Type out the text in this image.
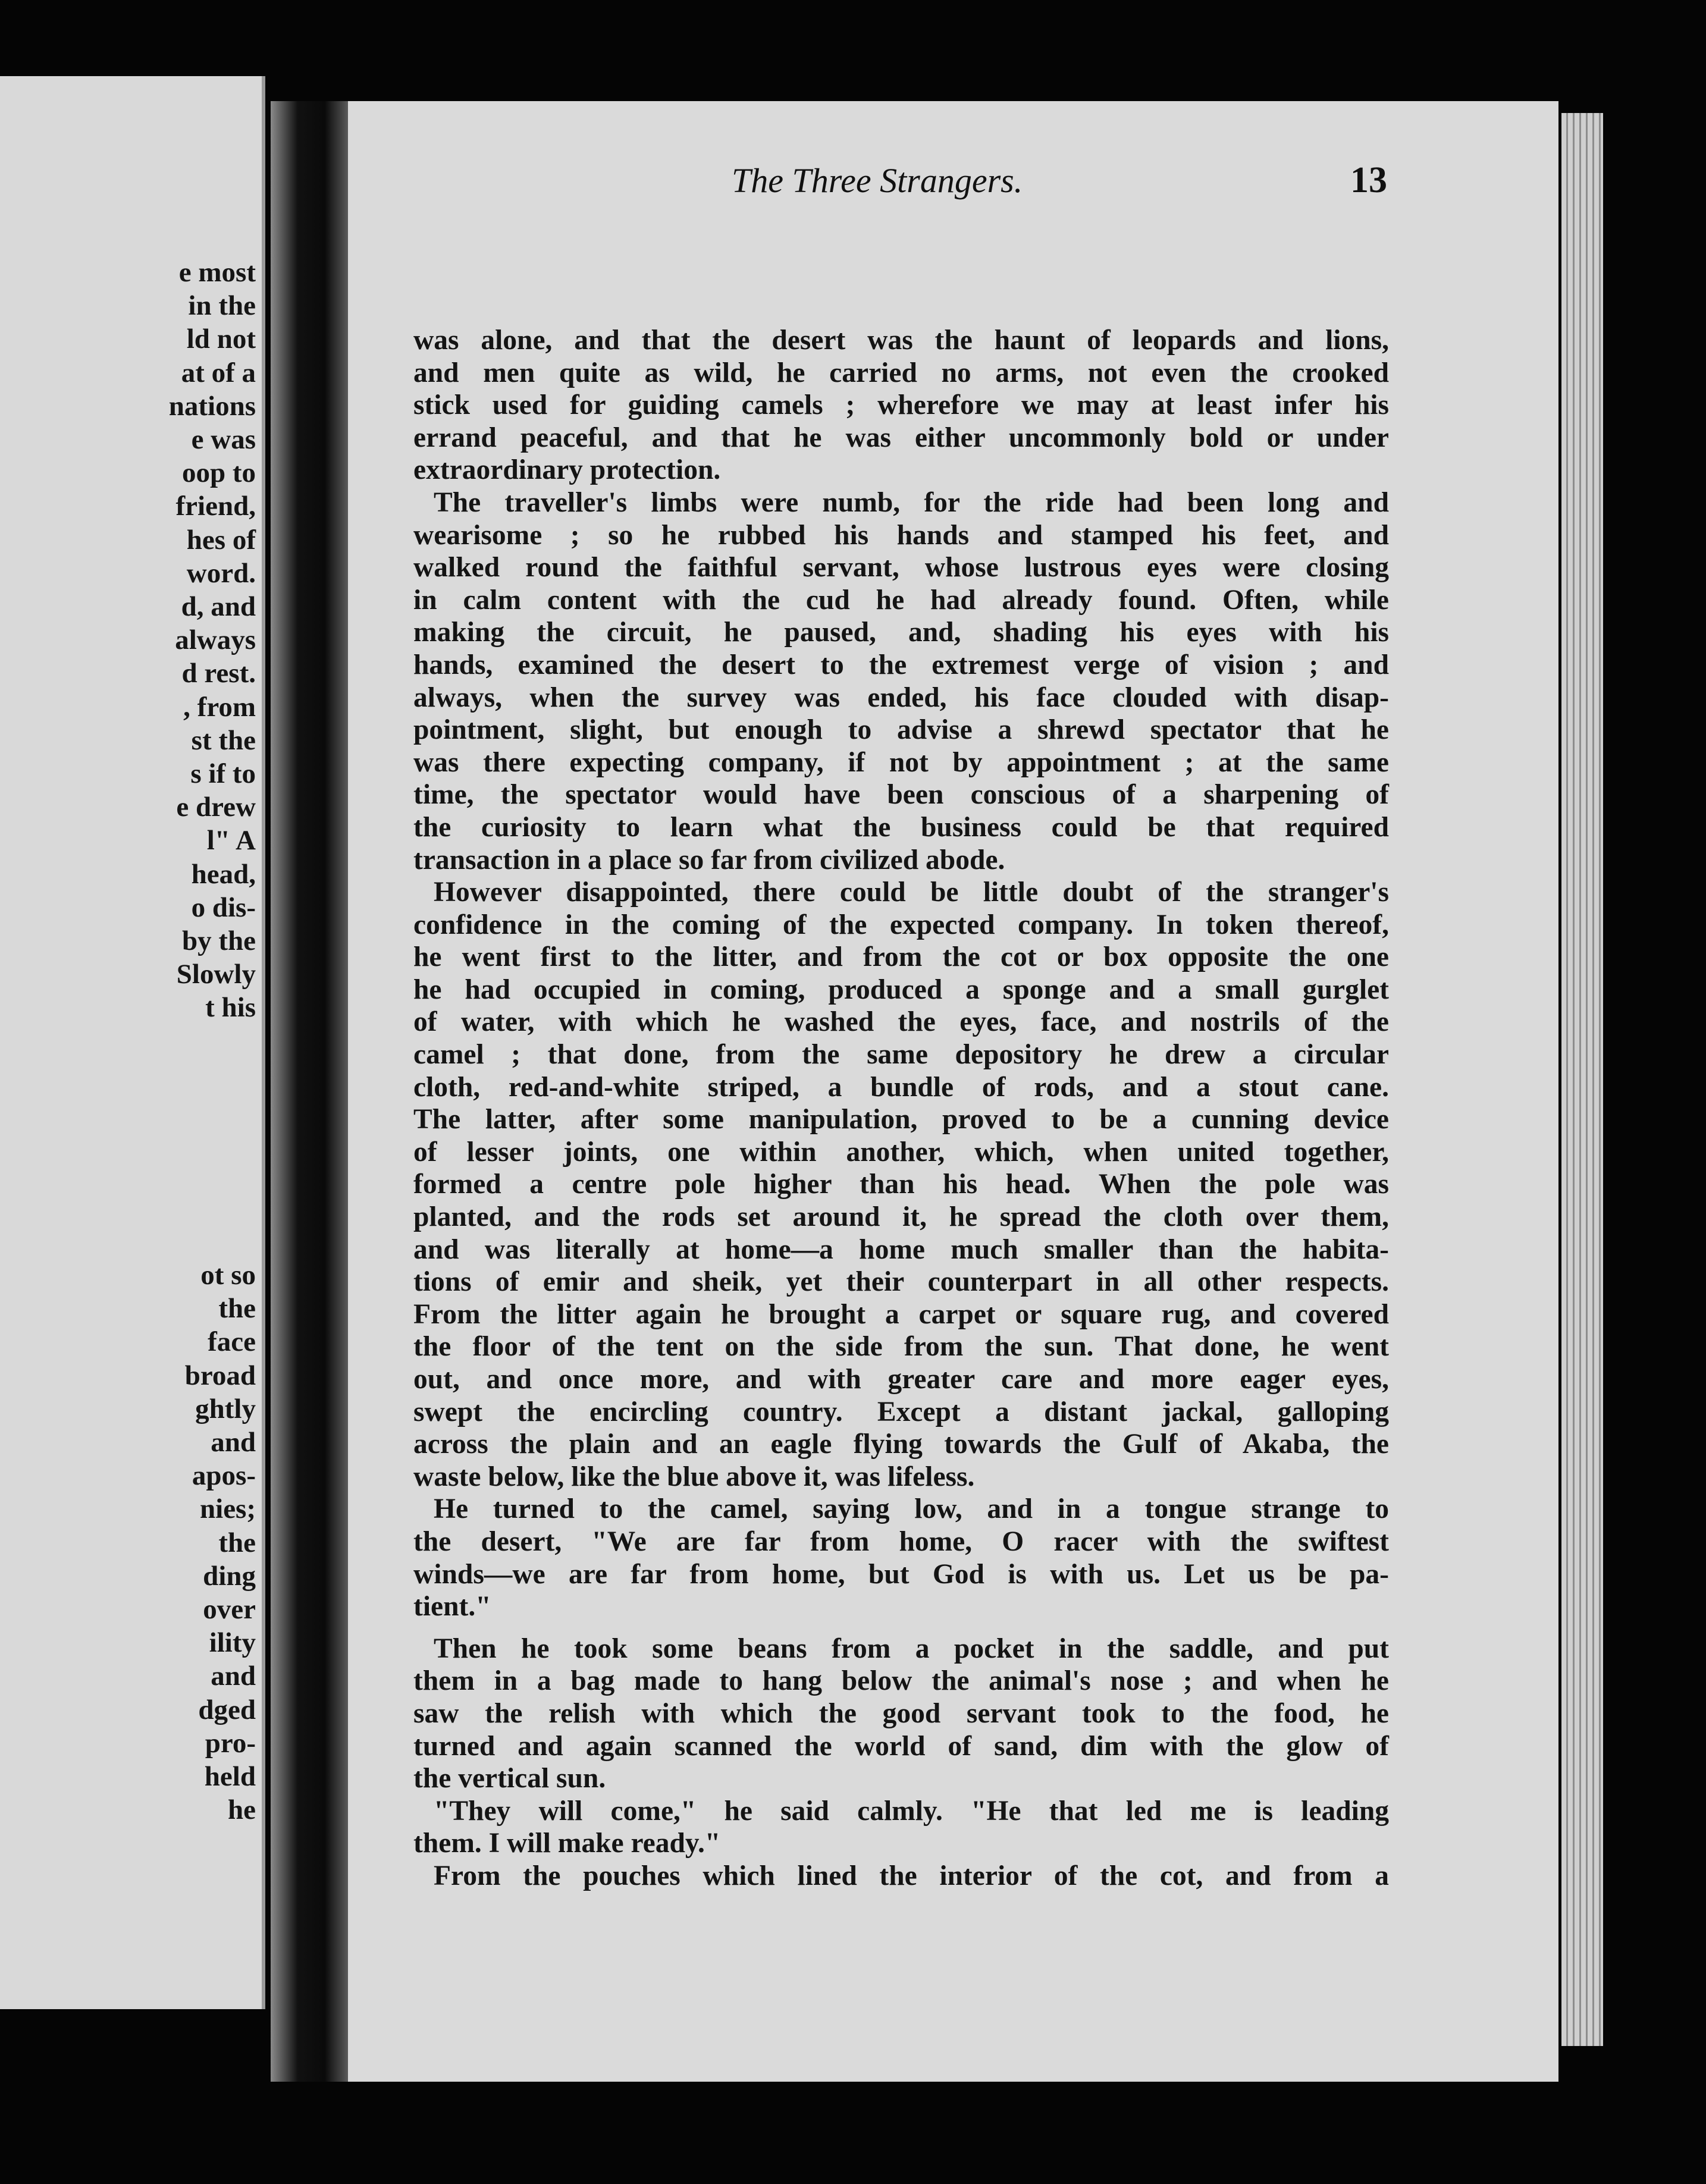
e most
in the
ld not
at of a
nations
e was
oop to
friend,
hes of
word.
d, and
always
d rest.
, from
st the
s if to
e drew
l" A
head,
o dis-
by the
Slowly
t his
ot so
the
face
broad
ghtly
and
apos-
nies;
the
ding
over
ility
and
dged
pro-
held
he
The Three Strangers.	13
was alone, and that the desert was the haunt of leopards and lions,
and men quite as wild, he carried no arms, not even the crooked
stick used for guiding camels ; wherefore we may at least infer his
errand peaceful, and that he was either uncommonly bold or under
extraordinary protection.
The traveller's limbs were numb, for the ride had been long and
wearisome ; so he rubbed his hands and stamped his feet, and
walked round the faithful servant, whose lustrous eyes were closing
in calm content with the cud he had already found. Often, while
making the circuit, he paused, and, shading his eyes with his
hands, examined the desert to the extremest verge of vision ; and
always, when the survey was ended, his face clouded with disap-
pointment, slight, but enough to advise a shrewd spectator that he
was there expecting company, if not by appointment ; at the same
time, the spectator would have been conscious of a sharpening of
the curiosity to learn what the business could be that required
transaction in a place so far from civilized abode.
However disappointed, there could be little doubt of the stranger's
confidence in the coming of the expected company. In token thereof,
he went first to the litter, and from the cot or box opposite the one
he had occupied in coming, produced a sponge and a small gurglet
of water, with which he washed the eyes, face, and nostrils of the
camel ; that done, from the same depository he drew a circular
cloth, red-and-white striped, a bundle of rods, and a stout cane.
The latter, after some manipulation, proved to be a cunning device
of lesser joints, one within another, which, when united together,
formed a centre pole higher than his head. When the pole was
planted, and the rods set around it, he spread the cloth over them,
and was literally at home—a home much smaller than the habita-
tions of emir and sheik, yet their counterpart in all other respects.
From the litter again he brought a carpet or square rug, and covered
the floor of the tent on the side from the sun. That done, he went
out, and once more, and with greater care and more eager eyes,
swept the encircling country. Except a distant jackal, galloping
across the plain and an eagle flying towards the Gulf of Akaba, the
waste below, like the blue above it, was lifeless.
He turned to the camel, saying low, and in a tongue strange to
the desert, "We are far from home, O racer with the swiftest
winds—we are far from home, but God is with us. Let us be pa-
tient."
Then he took some beans from a pocket in the saddle, and put
them in a bag made to hang below the animal's nose ; and when he
saw the relish with which the good servant took to the food, he
turned and again scanned the world of sand, dim with the glow of
the vertical sun.
"They will come," he said calmly. "He that led me is leading
them. I will make ready."
From the pouches which lined the interior of the cot, and from a
